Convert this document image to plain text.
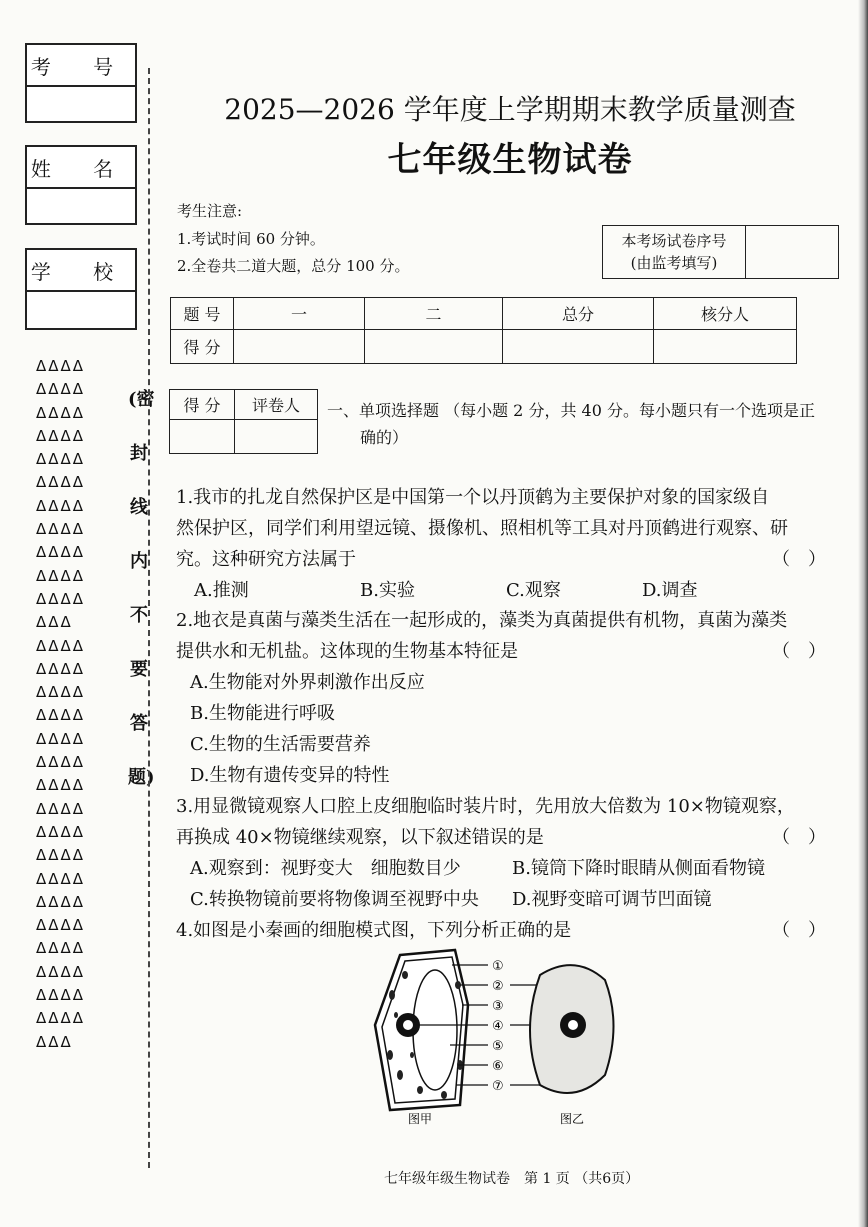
考 号
姓 名
学 校
ΔΔΔΔ
ΔΔΔΔ
ΔΔΔΔ
ΔΔΔΔ
ΔΔΔΔ
ΔΔΔΔ
ΔΔΔΔ
ΔΔΔΔ
ΔΔΔΔ
ΔΔΔΔ
ΔΔΔΔ
ΔΔΔ
ΔΔΔΔ
ΔΔΔΔ
ΔΔΔΔ
ΔΔΔΔ
ΔΔΔΔ
ΔΔΔΔ
ΔΔΔΔ
ΔΔΔΔ
ΔΔΔΔ
ΔΔΔΔ
ΔΔΔΔ
ΔΔΔΔ
ΔΔΔΔ
ΔΔΔΔ
ΔΔΔΔ
ΔΔΔΔ
ΔΔΔΔ
ΔΔΔ
(密
封
线
内
不
要
答
题)
2025—2026 学年度上学期期末教学质量测查
七年级生物试卷
考生注意:
1.考试时间 60 分钟。
2.全卷共二道大题，总分 100 分。
本考场试卷序号
(由监考填写)

题 号	一	二	总分	核分人
得 分				
得 分	评卷人
	一、单项选择题 （每小题 2 分，共 40 分。每小题只有一个选项是正
确的）
1.我市的扎龙自然保护区是中国第一个以丹顶鹤为主要保护对象的国家级自
然保护区，同学们利用望远镜、摄像机、照相机等工具对丹顶鹤进行观察、研
究。这种研究方法属于	（　）
A.推测	B.实验	C.观察	D.调查
2.地衣是真菌与藻类生活在一起形成的，藻类为真菌提供有机物，真菌为藻类
提供水和无机盐。这体现的生物基本特征是	（　）
A.生物能对外界刺激作出反应
B.生物能进行呼吸
C.生物的生活需要营养
D.生物有遗传变异的特性
3.用显微镜观察人口腔上皮细胞临时装片时，先用放大倍数为 10×物镜观察，
再换成 40×物镜继续观察，以下叙述错误的是	（　）
A.观察到：视野变大　细胞数目少	B.镜筒下降时眼睛从侧面看物镜
C.转换物镜前要将物像调至视野中央 D.视野变暗可调节凹面镜
4.如图是小秦画的细胞模式图，下列分析正确的是	（　）
①
②
③
④
⑤
⑥
⑦
图甲	图乙
七年级年级生物试卷　第 1 页 （共6页）
